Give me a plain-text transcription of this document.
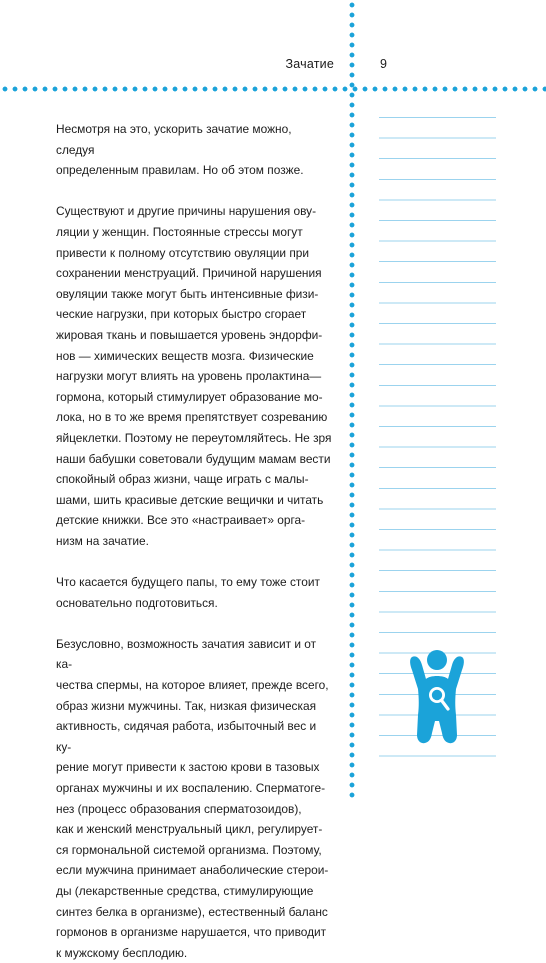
Зачатие	9

Несмотря на это, ускорить зачатие можно, следуя
определенным правилам. Но об этом позже.

Существуют и другие причины нарушения ову-
ляции у женщин. Постоянные стрессы могут
привести к полному отсутствию овуляции при
сохранении менструаций. Причиной нарушения
овуляции также могут быть интенсивные физи-
ческие нагрузки, при которых быстро сгорает
жировая ткань и повышается уровень эндорфи-
нов — химических веществ мозга. Физические
нагрузки могут влиять на уровень пролактина—
гормона, который стимулирует образование мо-
лока, но в то же время препятствует созреванию
яйцеклетки. Поэтому не переутомляйтесь. Не зря
наши бабушки советовали будущим мамам вести
спокойный образ жизни, чаще играть с малы-
шами, шить красивые детские вещички и читать
детские книжки. Все это «настраивает» орга-
низм на зачатие.

Что касается будущего папы, то ему тоже стоит
основательно подготовиться.

Безусловно, возможность зачатия зависит и от ка-
чества спермы, на которое влияет, прежде всего,
образ жизни мужчины. Так, низкая физическая
активность, сидячая работа, избыточный вес и ку-
рение могут привести к застою крови в тазовых
органах мужчины и их воспалению. Сперматоге-
нез (процесс образования сперматозоидов),
как и женский менструальный цикл, регулирует-
ся гормональной системой организма. Поэтому,
если мужчина принимает анаболические стерои-
ды (лекарственные средства, стимулирующие
синтез белка в организме), естественный баланс
гормонов в организме нарушается, что приводит
к мужскому бесплодию.
